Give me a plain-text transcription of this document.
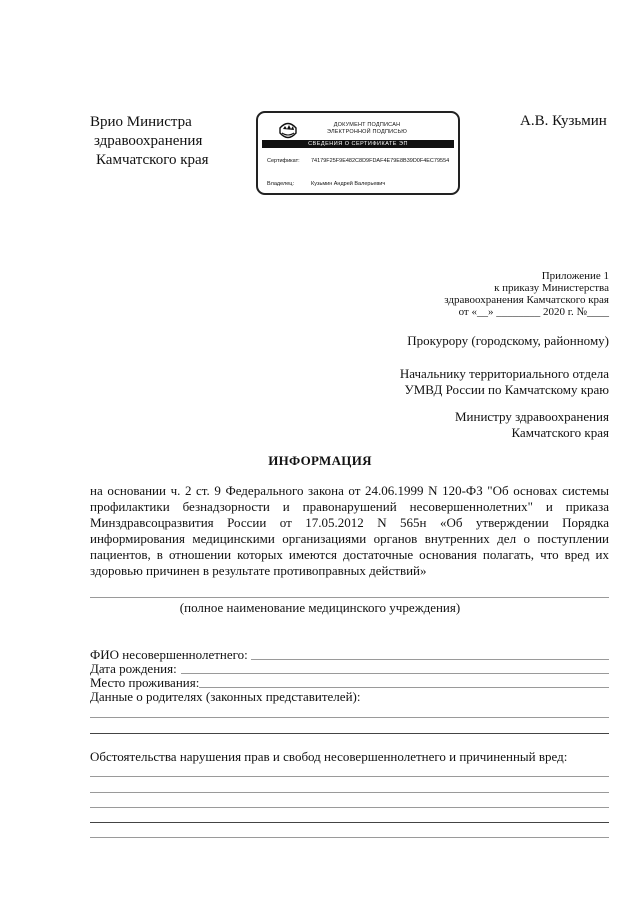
Врио Министра
здравоохранения
Камчатского края
А.В. Кузьмин
ДОКУМЕНТ ПОДПИСАН
ЭЛЕКТРОННОЙ ПОДПИСЬЮ
СВЕДЕНИЯ О СЕРТИФИКАТЕ ЭП
Сертификат: 74179F25F9E482C8D9FDAF4E79E8B39D0F4EC79554
Владелец:	Кузьмин Андрей Валерьевич
Приложение 1
к приказу Министерства
здравоохранения Камчатского края
от «__» ________ 2020 г. №____
Прокурору (городскому, районному)
Начальнику территориального отдела
УМВД России по Камчатскому краю
Министру здравоохранения
Камчатского края
ИНФОРМАЦИЯ
на основании ч. 2 ст. 9 Федерального закона от 24.06.1999 N 120-ФЗ "Об основах системы профилактики безнадзорности и правонарушений несовершеннолетних" и приказа Минздравсоцразвития России от 17.05.2012 N 565н «Об утверждении Порядка информирования медицинскими организациями органов внутренних дел о поступлении пациентов, в отношении которых имеются достаточные основания полагать, что вред их здоровью причинен в результате противоправных действий»
(полное наименование медицинского учреждения)
ФИО несовершеннолетнего:
Дата рождения:
Место проживания:
Данные о родителях (законных представителей):
Обстоятельства нарушения прав и свобод несовершеннолетнего и причиненный вред:
